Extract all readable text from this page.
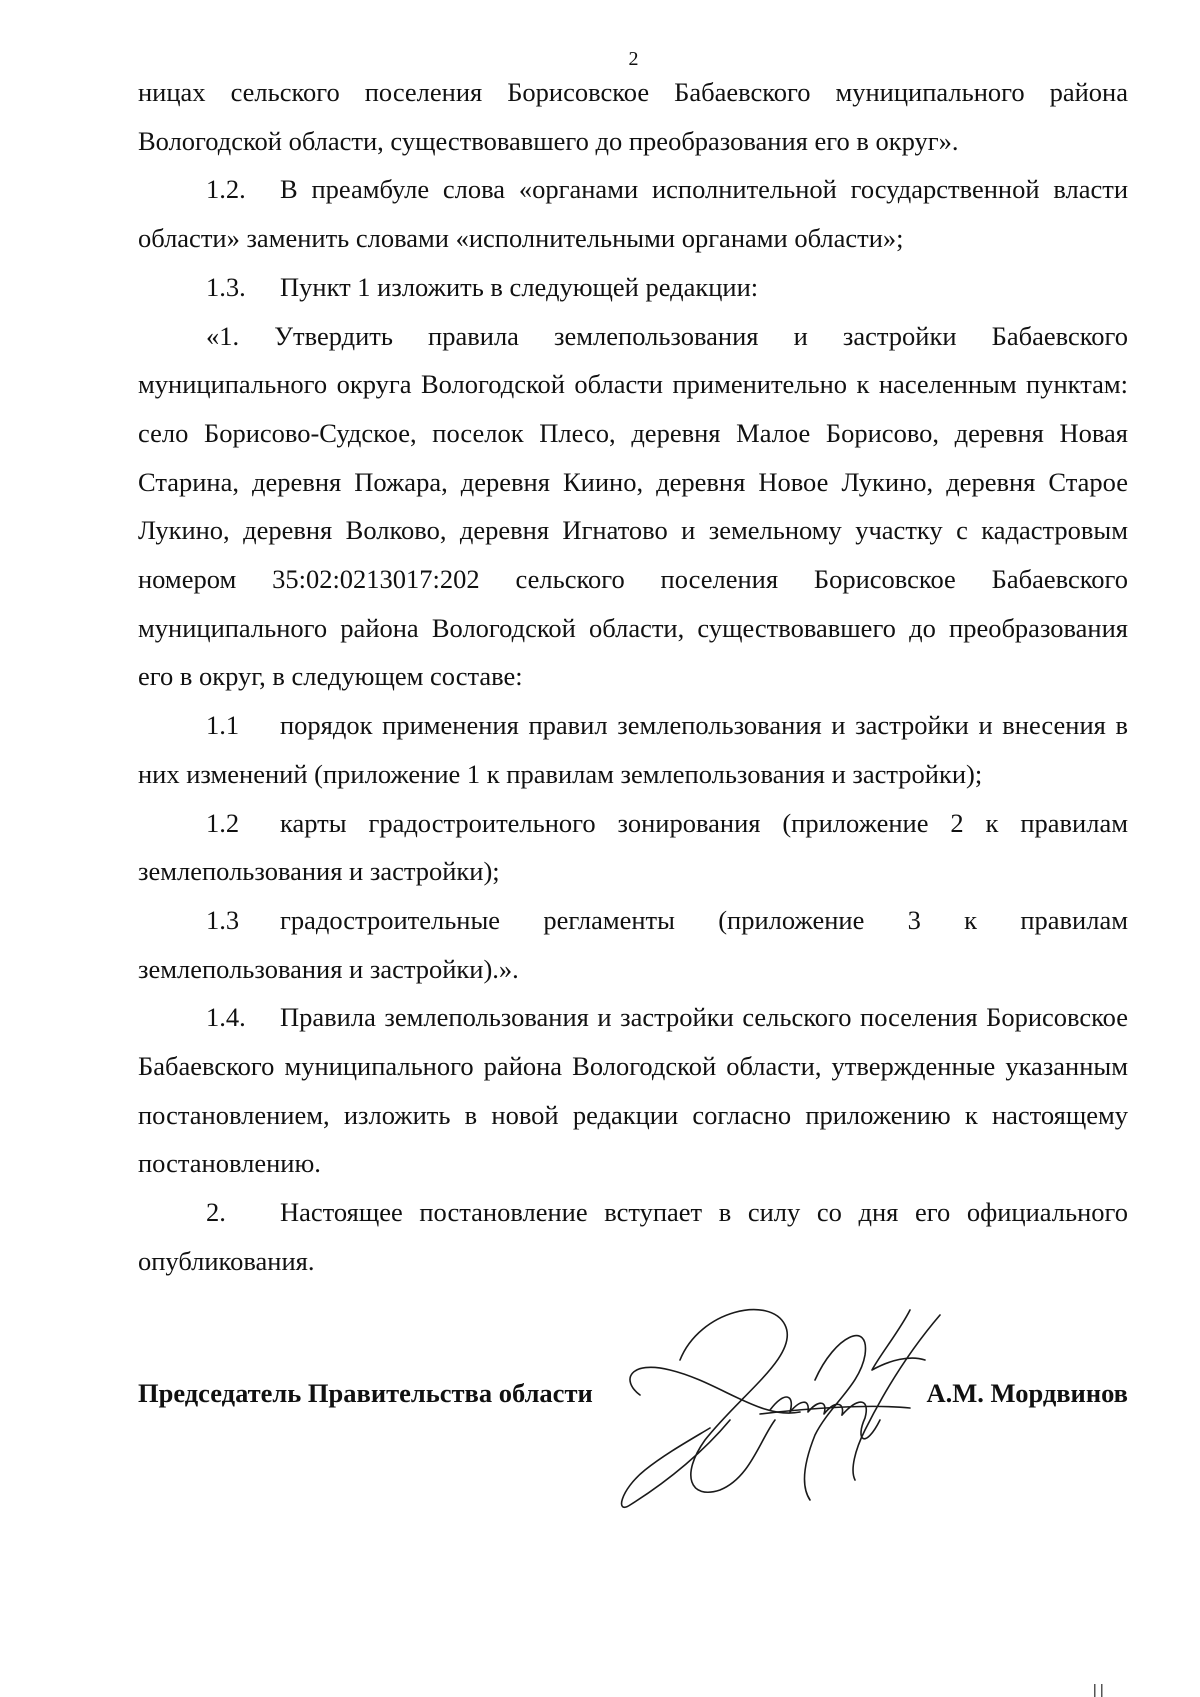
2

ницах сельского поселения Борисовское Бабаевского муниципального района Вологодской области, существовавшего до преобразования его в округ».

1.2. В преамбуле слова «органами исполнительной государственной власти области» заменить словами «исполнительными органами области»;

1.3. Пункт 1 изложить в следующей редакции:

«1. Утвердить правила землепользования и застройки Бабаевского муниципального округа Вологодской области применительно к населенным пунктам: село Борисово-Судское, поселок Плесо, деревня Малое Борисово, деревня Новая Старина, деревня Пожара, деревня Киино, деревня Новое Лукино, деревня Старое Лукино, деревня Волково, деревня Игнатово и земельному участку с кадастровым номером 35:02:0213017:202 сельского поселения Борисовское Бабаевского муниципального района Вологодской области, существовавшего до преобразования его в округ, в следующем составе:

1.1 порядок применения правил землепользования и застройки и внесения в них изменений (приложение 1 к правилам землепользования и застройки);

1.2 карты градостроительного зонирования (приложение 2 к правилам землепользования и застройки);

1.3 градостроительные регламенты (приложение 3 к правилам землепользования и застройки).».

1.4. Правила землепользования и застройки сельского поселения Борисовское Бабаевского муниципального района Вологодской области, утвержденные указанным постановлением, изложить в новой редакции согласно приложению к настоящему постановлению.

2. Настоящее постановление вступает в силу со дня его официального опубликования.

Председатель Правительства области	А.М. Мордвинов
